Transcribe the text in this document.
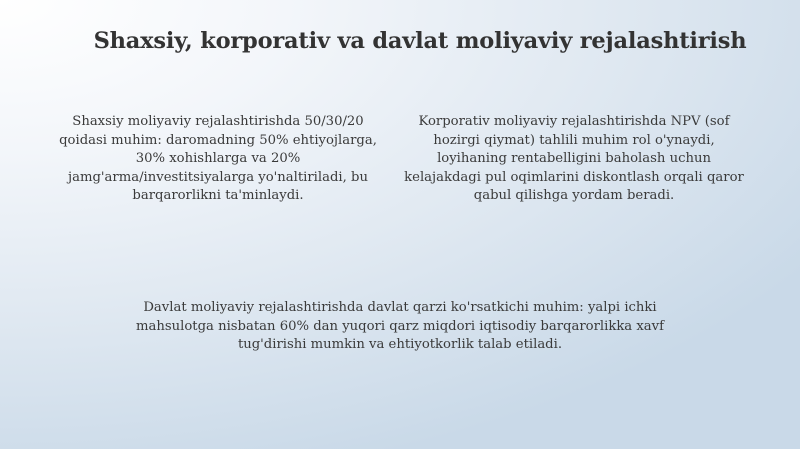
Shaxsiy, korporativ va davlat moliyaviy rejalashtirish

Shaxsiy moliyaviy rejalashtirishda 50/30/20 qoidasi muhim: daromadning 50% ehtiyojlarga, 30% xohishlarga va 20% jamg'arma/investitsiyalarga yo'naltiriladi, bu barqarorlikni ta'minlaydi.

Korporativ moliyaviy rejalashtirishda NPV (sof hozirgi qiymat) tahlili muhim rol o'ynaydi, loyihaning rentabelligini baholash uchun kelajakdagi pul oqimlarini diskontlash orqali qaror qabul qilishga yordam beradi.

Davlat moliyaviy rejalashtirishda davlat qarzi ko'rsatkichi muhim: yalpi ichki mahsulotga nisbatan 60% dan yuqori qarz miqdori iqtisodiy barqarorlikka xavf tug'dirishi mumkin va ehtiyotkorlik talab etiladi.
